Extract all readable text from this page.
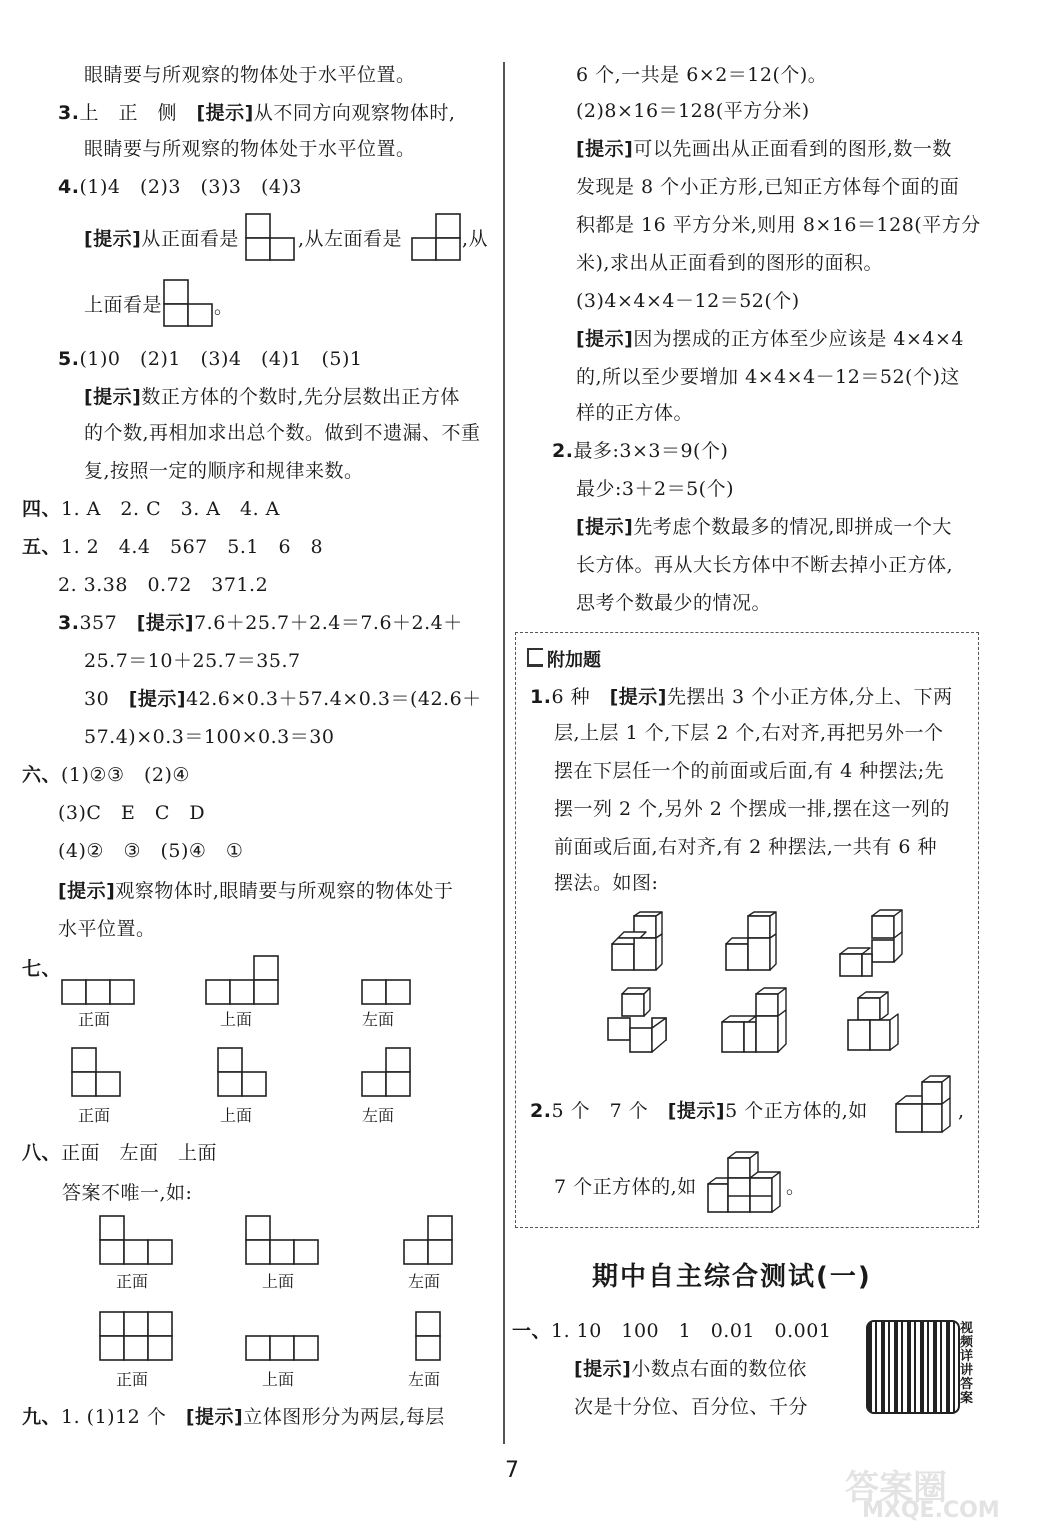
眼睛要与所观察的物体处于水平位置。
3.上　正　侧　[提示]从不同方向观察物体时,
眼睛要与所观察的物体处于水平位置。
4.(1)4　(2)3　(3)3　(4)3
[提示]从正面看是	,从左面看是	,从
上面看是	。
5.(1)0　(2)1　(3)4　(4)1　(5)1
[提示]数正方体的个数时,先分层数出正方体
的个数,再相加求出总个数。做到不遗漏、不重
复,按照一定的顺序和规律来数。
四、1. A　2. C　3. A　4. A
五、1. 2　4.4　567　5.1　6　8
2. 3.38　0.72　371.2
3.357　[提示]7.6＋25.7＋2.4＝7.6＋2.4＋
25.7＝10＋25.7＝35.7
30　[提示]42.6×0.3＋57.4×0.3＝(42.6＋
57.4)×0.3＝100×0.3＝30
六、(1)②③　(2)④
(3)C　E　C　D
(4)②　③　(5)④　①
[提示]观察物体时,眼睛要与所观察的物体处于
水平位置。
七、
正面	上面	左面
正面	上面	左面
八、正面　左面　上面
答案不唯一,如:
正面	上面	左面
正面	上面	左面
九、1. (1)12 个　[提示]立体图形分为两层,每层
6 个,一共是 6×2＝12(个)。
(2)8×16＝128(平方分米)
[提示]可以先画出从正面看到的图形,数一数
发现是 8 个小正方形,已知正方体每个面的面
积都是 16 平方分米,则用 8×16＝128(平方分
米),求出从正面看到的图形的面积。
(3)4×4×4－12＝52(个)
[提示]因为摆成的正方体至少应该是 4×4×4
的,所以至少要增加 4×4×4－12＝52(个)这
样的正方体。
2.最多:3×3＝9(个)
最少:3＋2＝5(个)
[提示]先考虑个数最多的情况,即拼成一个大
长方体。再从大长方体中不断去掉小正方体,
思考个数最少的情况。
附加题
1.6 种　[提示]先摆出 3 个小正方体,分上、下两
层,上层 1 个,下层 2 个,右对齐,再把另外一个
摆在下层任一个的前面或后面,有 4 种摆法;先
摆一列 2 个,另外 2 个摆成一排,摆在这一列的
前面或后面,右对齐,有 2 种摆法,一共有 6 种
摆法。如图:
2.5 个　7 个　[提示]5 个正方体的,如	,
7 个正方体的,如	。
期中自主综合测试(一)
一、1. 10　100　1　0.01　0.001
[提示]小数点右面的数位依
次是十分位、百分位、千分
视频详讲答案
7	答案圈
MXQE.COM
